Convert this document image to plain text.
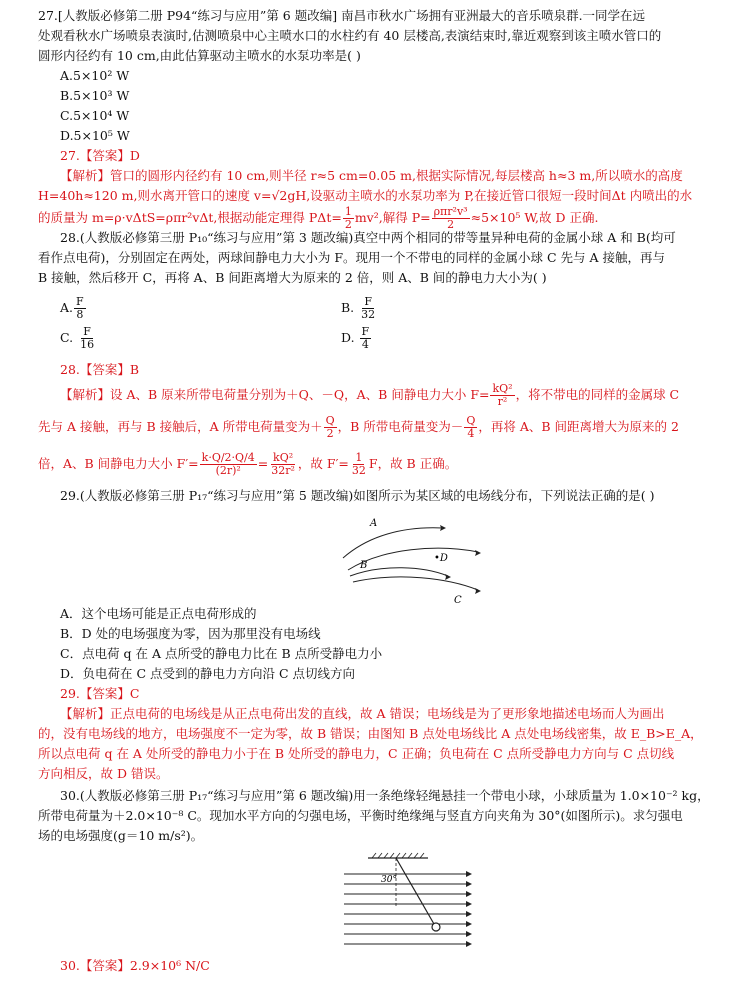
27.[人教版必修第二册 P94“练习与应用”第 6 题改编] 南昌市秋水广场拥有亚洲最大的音乐喷泉群.一同学在远
处观看秋水广场喷泉表演时,估测喷泉中心主喷水口的水柱约有 40 层楼高,表演结束时,靠近观察到该主喷水管口的
圆形内径约有 10 cm,由此估算驱动主喷水的水泵功率是( )
A.5×10² W
B.5×10³ W
C.5×10⁴ W
D.5×10⁵ W
27.【答案】D
【解析】管口的圆形内径约有 10 cm,则半径 r≈5 cm=0.05 m,根据实际情况,每层楼高 h≈3 m,所以喷水的高度
H=40h≈120 m,则水离开管口的速度 v=√2gH,设驱动主喷水的水泵功率为 P,在接近管口很短一段时间Δt 内喷出的水
的质量为 m=ρ·vΔtS=ρπr²vΔt,根据动能定理得 $P\Delta t= \frac{1}{2} mv^2$,解得 $P= \frac{\text{ρπr²v³}}{2} \approx 5\times 10^5$ W,故 D 正确.
28.(人教版必修第三册 P₁₀“练习与应用”第 3 题改编)真空中两个相同的带等量异种电荷的金属小球 A 和 B(均可
看作点电荷)，分别固定在两处，两球间静电力大小为 F。现用一个不带电的同样的金属小球 C 先与 A 接触，再与
B 接触，然后移开 C，再将 A、B 间距离增大为原来的 2 倍，则 A、B 间的静电力大小为( )
A. $\frac{F}{8}$	B. $\frac{F}{32}$
C. $\frac{F}{16}$	D. $\frac{F}{4}$
28.【答案】B
【解析】设 A、B 原来所带电荷量分别为＋Q、－Q，A、B 间静电力大小 $F= \frac{\text{kQ²}}{\text{r²}}$ ，将不带电的同样的金属球 C
先与 A 接触，再与 B 接触后，A 所带电荷量变为＋ $\frac{Q}{2}$ ，B 所带电荷量变为－ $\frac{Q}{4}$ ，再将 A、B 间距离增大为原来的 2
倍，A、B 间静电力大小 $F'= \frac{k\cdot Q/2\cdot Q/4}{\text{(2r)²}} = \frac{\text{kQ²}}{\text{32r²}}$ ，故 $F'= \frac{1}{32}$ F，故 B 正确。
29.(人教版必修第三册 P₁₇“练习与应用”第 5 题改编)如图所示为某区域的电场线分布，下列说法正确的是( )
A
B
•D
C
A．这个电场可能是正点电荷形成的
B．D 处的电场强度为零，因为那里没有电场线
C．点电荷 q 在 A 点所受的静电力比在 B 点所受静电力小
D．负电荷在 C 点受到的静电力方向沿 C 点切线方向
29.【答案】C
【解析】正点电荷的电场线是从正点电荷出发的直线，故 A 错误；电场线是为了更形象地描述电场而人为画出
的，没有电场线的地方，电场强度不一定为零，故 B 错误；由图知 B 点处电场线比 A 点处电场线密集，故 E_B>E_A，
所以点电荷 q 在 A 处所受的静电力小于在 B 处所受的静电力，C 正确；负电荷在 C 点所受静电力方向与 C 点切线
方向相反，故 D 错误。
30.(人教版必修第三册 P₁₇“练习与应用”第 6 题改编)用一条绝缘轻绳悬挂一个带电小球，小球质量为 1.0×10⁻² kg，
所带电荷量为＋2.0×10⁻⁸ C。现加水平方向的匀强电场，平衡时绝缘绳与竖直方向夹角为 30°(如图所示)。求匀强电
场的电场强度(g＝10 m/s²)。
30°
30.【答案】2.9×10⁶ N/C
